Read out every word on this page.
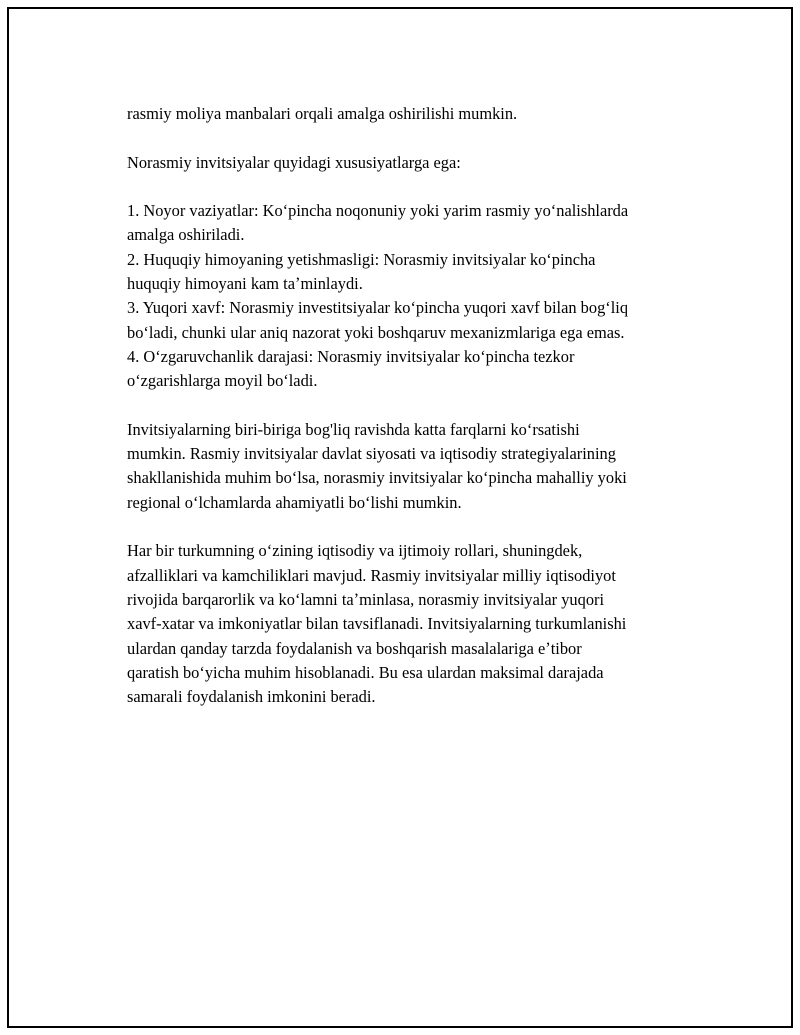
rasmiy moliya manbalari orqali amalga oshirilishi mumkin.

Norasmiy invitsiyalar quyidagi xususiyatlarga ega:

1. Noyor vaziyatlar: Koʻpincha noqonuniy yoki yarim rasmiy yoʻnalishlarda
amalga oshiriladi.
2. Huquqiy himoyaning yetishmasligi: Norasmiy invitsiyalar koʻpincha
huquqiy himoyani kam taʼminlaydi.
3. Yuqori xavf: Norasmiy investitsiyalar koʻpincha yuqori xavf bilan bogʻliq
boʻladi, chunki ular aniq nazorat yoki boshqaruv mexanizmlariga ega emas.
4. Oʻzgaruvchanlik darajasi: Norasmiy invitsiyalar koʻpincha tezkor
oʻzgarishlarga moyil boʻladi.

Invitsiyalarning biri-biriga bog'liq ravishda katta farqlarni koʻrsatishi
mumkin. Rasmiy invitsiyalar davlat siyosati va iqtisodiy strategiyalarining
shakllanishida muhim boʻlsa, norasmiy invitsiyalar koʻpincha mahalliy yoki
regional oʻlchamlarda ahamiyatli boʻlishi mumkin.

Har bir turkumning oʻzining iqtisodiy va ijtimoiy rollari, shuningdek,
afzalliklari va kamchiliklari mavjud. Rasmiy invitsiyalar milliy iqtisodiyot
rivojida barqarorlik va koʻlamni taʼminlasa, norasmiy invitsiyalar yuqori
xavf-xatar va imkoniyatlar bilan tavsiflanadi. Invitsiyalarning turkumlanishi
ulardan qanday tarzda foydalanish va boshqarish masalalariga eʼtibor
qaratish boʻyicha muhim hisoblanadi. Bu esa ulardan maksimal darajada
samarali foydalanish imkonini beradi.
